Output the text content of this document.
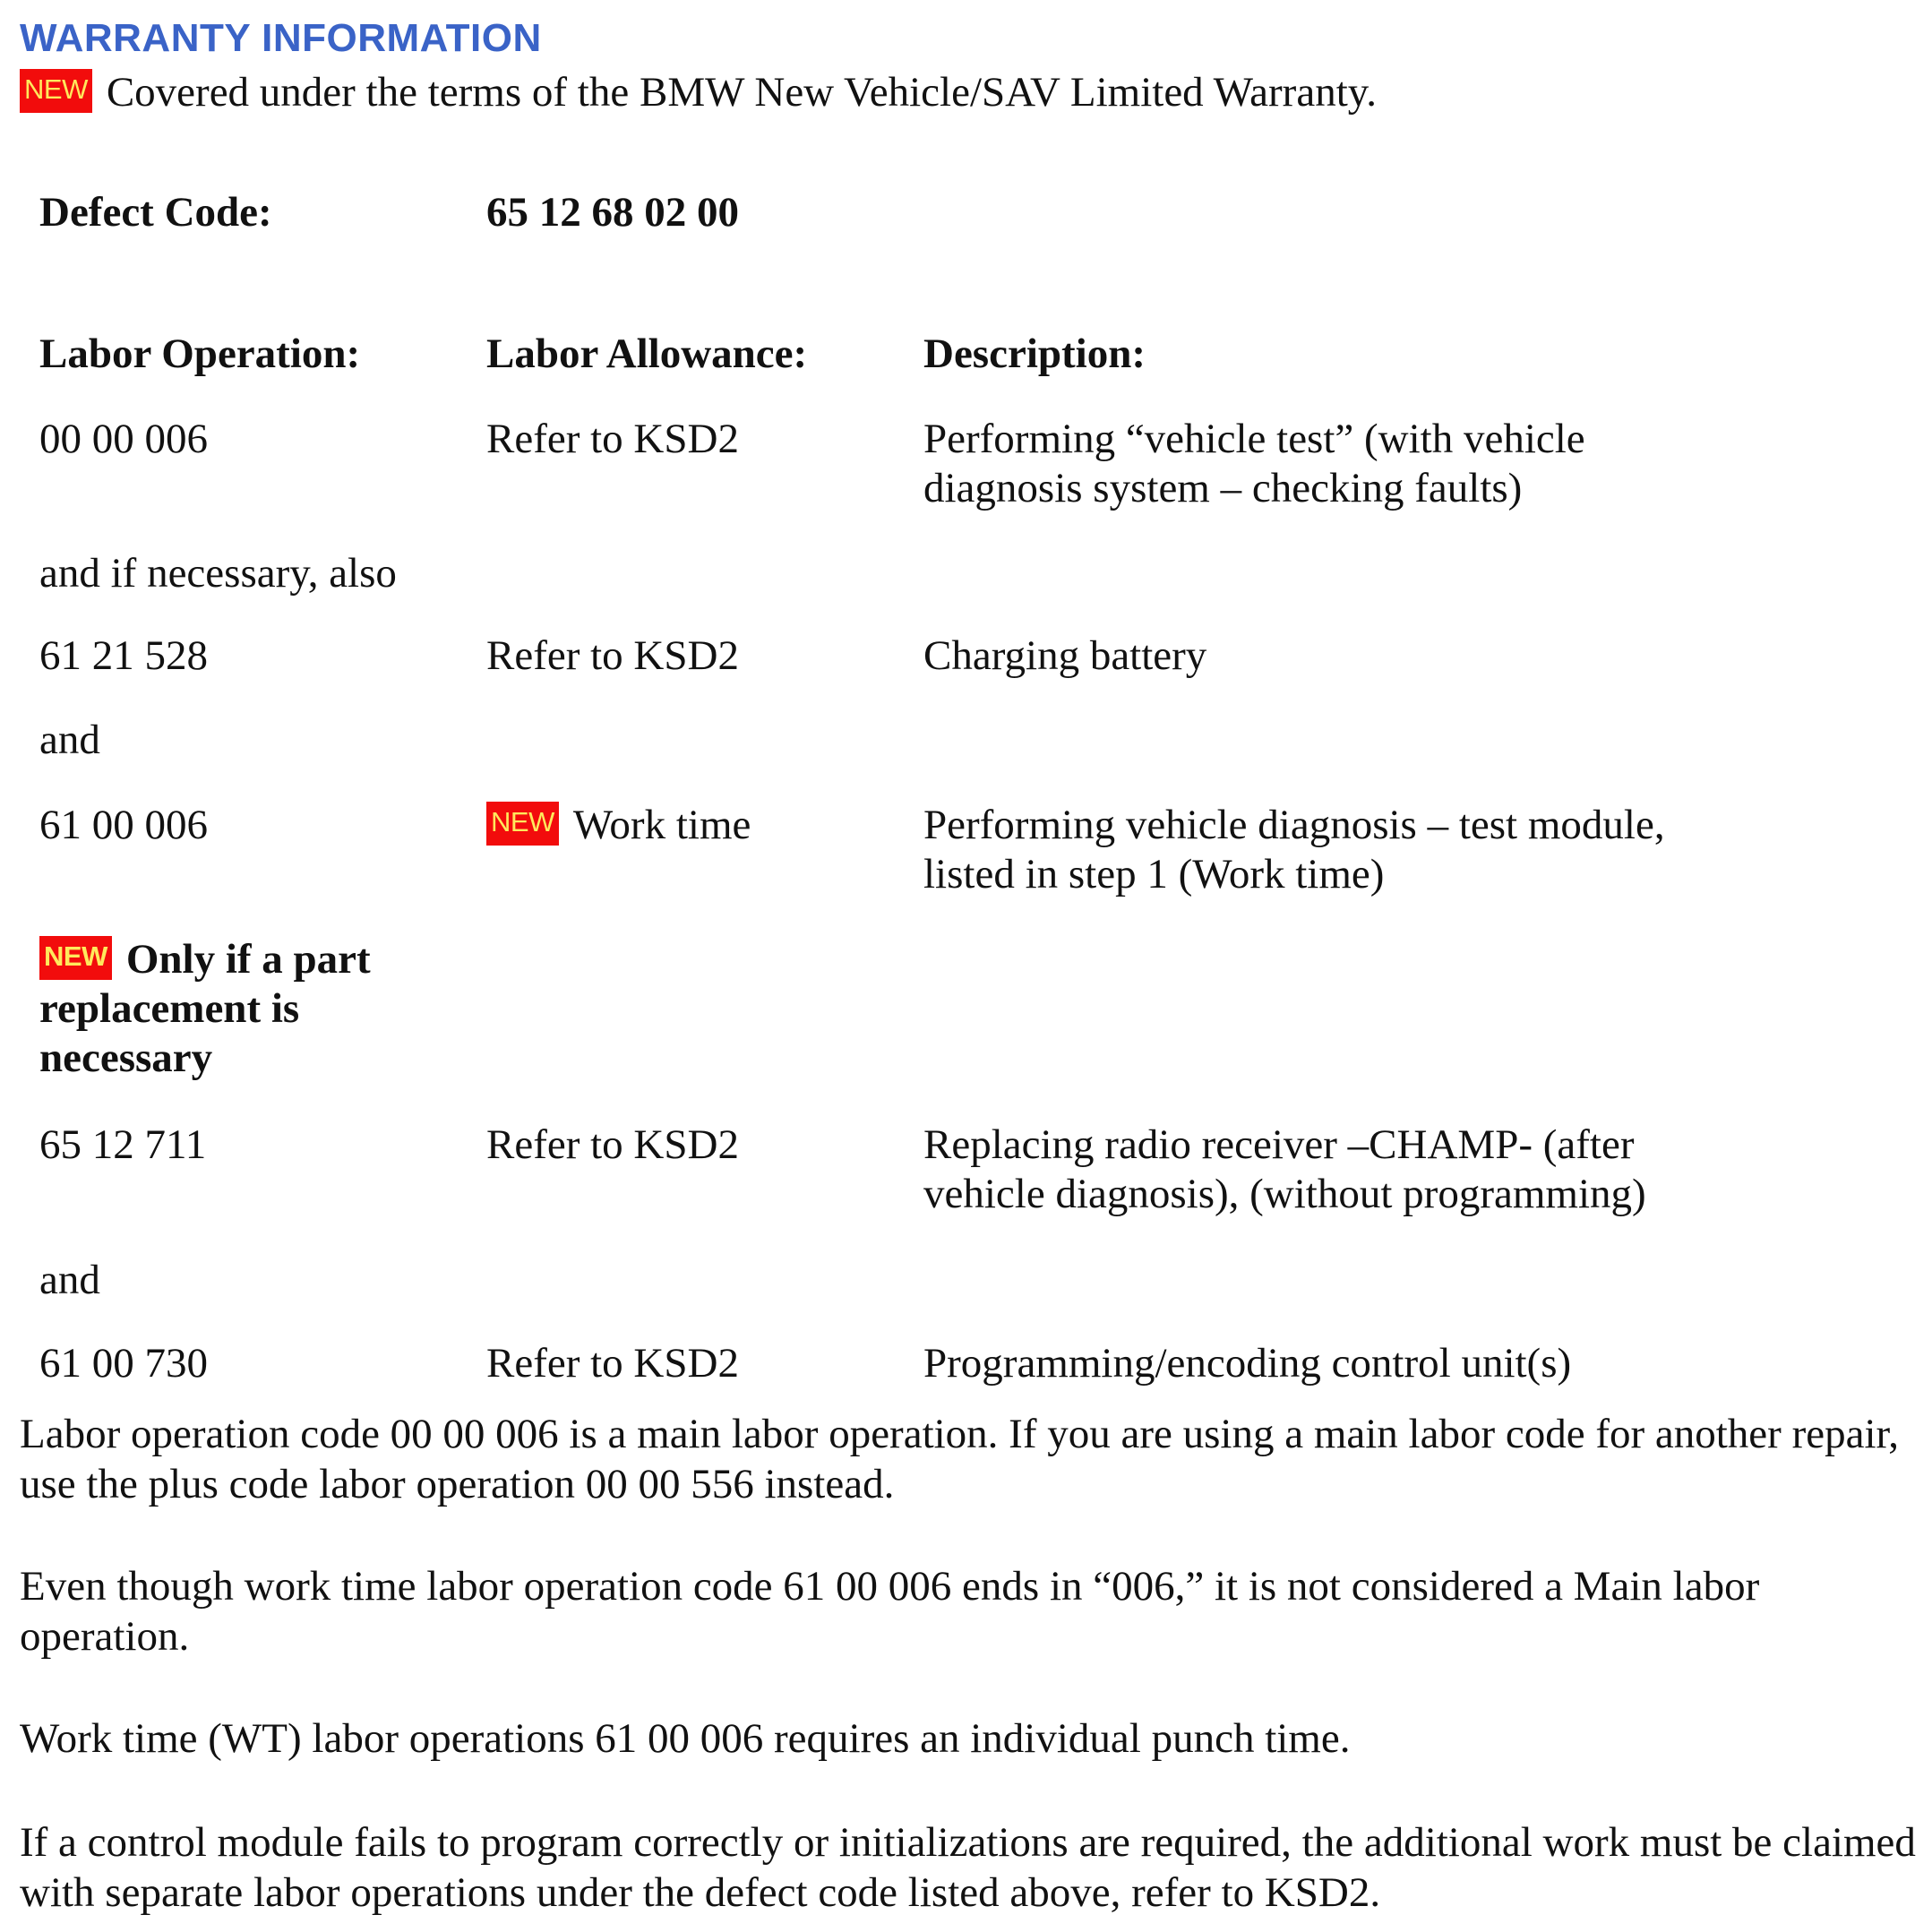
WARRANTY INFORMATION
NEW Covered under the terms of the BMW New Vehicle/SAV Limited Warranty.
Defect Code:	65 12 68 02 00
Labor Operation:	Labor Allowance:	Description:
00 00 006	Refer to KSD2	Performing “vehicle test” (with vehicle
diagnosis system – checking faults)
and if necessary, also
61 21 528	Refer to KSD2	Charging battery
and
61 00 006	NEW Work time	Performing vehicle diagnosis – test module,
listed in step 1 (Work time)
NEW Only if a part
replacement is
necessary
65 12 711	Refer to KSD2	Replacing radio receiver –CHAMP- (after
vehicle diagnosis), (without programming)
and
61 00 730	Refer to KSD2	Programming/encoding control unit(s)
Labor operation code 00 00 006 is a main labor operation. If you are using a main labor code for another repair, use the plus code labor operation 00 00 556 instead.
Even though work time labor operation code 61 00 006 ends in “006,” it is not considered a Main labor operation.
Work time (WT) labor operations 61 00 006 requires an individual punch time.
If a control module fails to program correctly or initializations are required, the additional work must be claimed with separate labor operations under the defect code listed above, refer to KSD2.
